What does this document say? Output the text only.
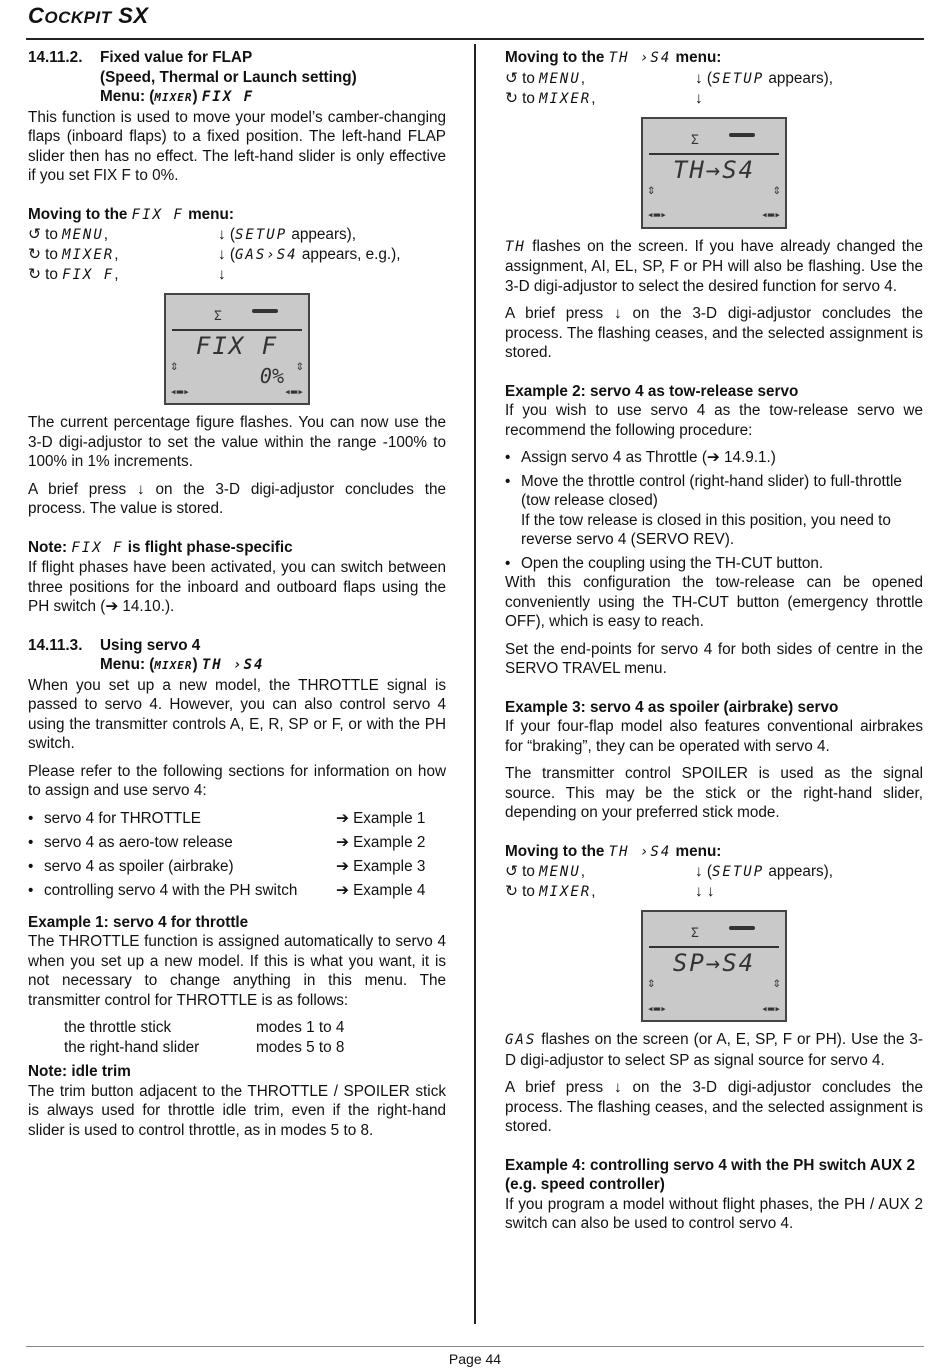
COCKPIT SX

14.11.2. Fixed value for FLAP

(Speed, Thermal or Launch setting)

Menu: (MIXER) FIX F

This function is used to move your model’s camber-changing flaps (inboard flaps) to a fixed position. The left-hand FLAP slider then has no effect. The left-hand slider is only effective if you set FIX F to 0%.

Moving to the FIX F menu:

↺ to MENU,	↓ (SETUP appears),
↻ to MIXER,	↓ (GAS›S4 appears, e.g.),
↻ to FIX F,	↓
Σ
FIX F
0%
⇕	⇕
◂▬▸	◂▬▸

The current percentage figure flashes. You can now use the 3-D digi-adjustor to set the value within the range -100% to 100% in 1% increments.

A brief press ↓ on the 3-D digi-adjustor concludes the process. The value is stored.

Note: FIX F is flight phase-specific

If flight phases have been activated, you can switch between three positions for the inboard and outboard flaps using the PH switch (➔ 14.10.).

14.11.3. Using servo 4

Menu: (MIXER) TH ›S4

When you set up a new model, the THROTTLE signal is passed to servo 4. However, you can also control servo 4 using the transmitter controls A, E, R, SP or F, or with the PH switch.

Please refer to the following sections for information on how to assign and use servo 4:

• servo 4 for THROTTLE	➔ Example 1
• servo 4 as aero-tow release	➔ Example 2
• servo 4 as spoiler (airbrake)	➔ Example 3
• controlling servo 4 with the PH switch	➔ Example 4

Example 1: servo 4 for throttle

The THROTTLE function is assigned automatically to servo 4 when you set up a new model. If this is what you want, it is not necessary to change anything in this menu. The transmitter control for THROTTLE is as follows:

the throttle stick	modes 1 to 4
the right-hand slider	modes 5 to 8

Note: idle trim

The trim button adjacent to the THROTTLE / SPOILER stick is always used for throttle idle trim, even if the right-hand slider is used to control throttle, as in modes 5 to 8.

Moving to the TH ›S4 menu:

↺ to MENU,	↓ (SETUP appears),
↻ to MIXER,	↓
Σ
TH→S4
⇕	⇕
◂▬▸	◂▬▸

TH flashes on the screen. If you have already changed the assignment, AI, EL, SP, F or PH will also be flashing. Use the 3-D digi-adjustor to select the desired function for servo 4.

A brief press ↓ on the 3-D digi-adjustor concludes the process. The flashing ceases, and the selected assignment is stored.

Example 2: servo 4 as tow-release servo

If you wish to use servo 4 as the tow-release servo we recommend the following procedure:

• Assign servo 4 as Throttle (➔ 14.9.1.)
• Move the throttle control (right-hand slider) to full-throttle (tow release closed)
If the tow release is closed in this position, you need to reverse servo 4 (SERVO REV).
• Open the coupling using the TH-CUT button.

With this configuration the tow-release can be opened conveniently using the TH-CUT button (emergency throttle OFF), which is easy to reach.

Set the end-points for servo 4 for both sides of centre in the SERVO TRAVEL menu.

Example 3: servo 4 as spoiler (airbrake) servo

If your four-flap model also features conventional airbrakes for “braking”, they can be operated with servo 4.

The transmitter control SPOILER is used as the signal source. This may be the stick or the right-hand slider, depending on your preferred stick mode.

Moving to the TH ›S4 menu:

↺ to MENU,	↓ (SETUP appears),
↻ to MIXER,	↓ ↓
Σ
SP→S4
⇕	⇕
◂▬▸	◂▬▸

GAS flashes on the screen (or A, E, SP, F or PH). Use the 3-D digi-adjustor to select SP as signal source for servo 4.

A brief press ↓ on the 3-D digi-adjustor concludes the process. The flashing ceases, and the selected assignment is stored.

Example 4: controlling servo 4 with the PH switch AUX 2

(e.g. speed controller)

If you program a model without flight phases, the PH / AUX 2 switch can also be used to control servo 4.

Page 44
